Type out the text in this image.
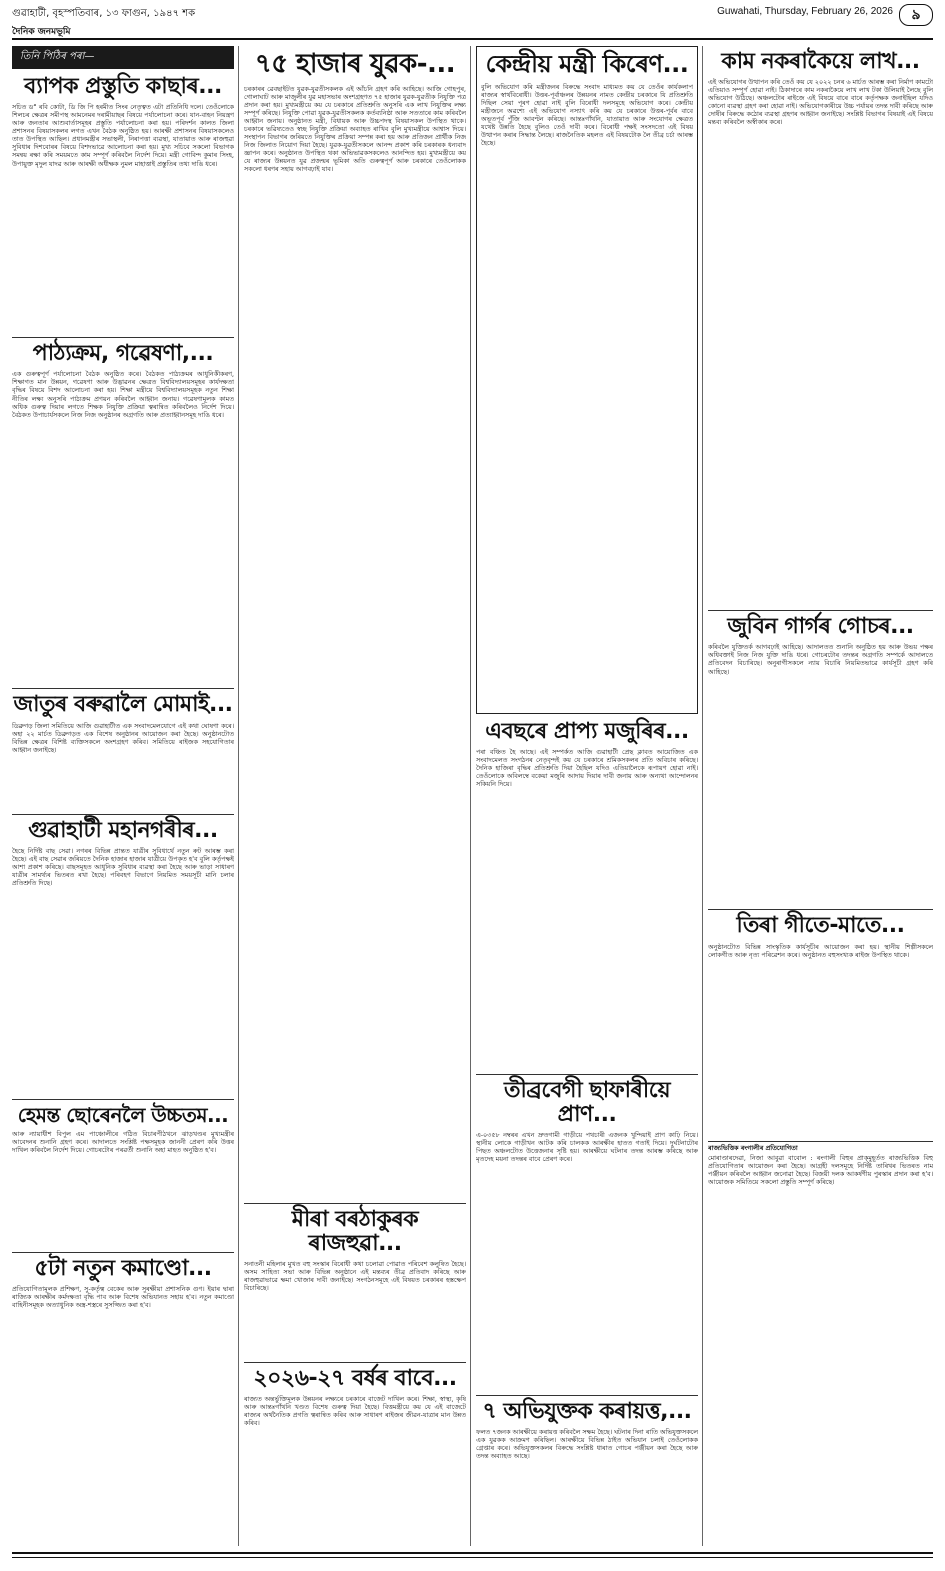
গুৱাহাটী, বৃহস্পতিবাৰ, ১৩ ফাগুন, ১৯৪৭ শক	Guwahati, Thursday, February 26, 2026	৯
দৈনিক জনমভূমি
তিনি পিঠিৰ পৰা—
ব্যাপক প্ৰস্তুতি কাছাৰ...
সচিত ড° ৰবি কোটা, ডি জি পি হৰমীত সিংৰ নেতৃত্বত এটা প্ৰতিনিধি দলে। তেওঁলোকে শিলচৰ ক্ষেত্ৰৰ সমীপস্থ আমনেমৰ দৰামীয়াছৰ বিষয়ে পৰ্যালোচনা কৰে। যান-বাহন নিয়ন্ত্ৰণ আৰু জনতাৰ আশুবাৰ্তাসমূহৰ প্ৰস্তুতি পৰ্যালোচনা কৰা হয়। পৰিদৰ্শন কালত জিলা প্ৰশাসনৰ বিষয়াসকলৰ লগত এখন বৈঠক অনুষ্ঠিত হয়। আৰক্ষী প্ৰশাসনৰ বিষয়াসকলেও তাত উপস্থিত আছিল। প্ৰধানমন্ত্ৰীৰ সভাস্থলী, নিৰাপত্তা ব্যৱস্থা, যাতায়াত আৰু ৰাজহুৱা সুবিধাৰ দিশবোৰৰ বিষয়ে বিশদভাৱে আলোচনা কৰা হয়। মুখ্য সচিবে সকলো বিভাগক সমন্বয় ৰক্ষা কৰি সময়মতে কাম সম্পূৰ্ণ কৰিবলৈ নিৰ্দেশ দিয়ে। মন্ত্ৰী গোবিন্দ কুমাৰ সিংহ, উপায়ুক্ত মৃদুল যাদৱ আৰু আৰক্ষী অধীক্ষক নুমল মাহাত্তাই প্ৰস্তুতিৰ তথ্য দাঙি ধৰে।
পাঠ্যক্ৰম, গৱেষণা,...
এক গুৰুত্বপূৰ্ণ পৰ্যালোচনা বৈঠক অনুষ্ঠিত কৰে। বৈঠকত পাঠ্যক্ৰমৰ আধুনিকীকৰণ, শিক্ষাগত মান উন্নয়ন, গৱেষণা আৰু উদ্ভাৱনৰ ক্ষেত্ৰত বিশ্ববিদ্যালয়সমূহৰ কাৰ্যদক্ষতা বৃদ্ধিৰ বিষয়ে বিশদ আলোচনা কৰা হয়। শিক্ষা মন্ত্ৰীয়ে বিশ্ববিদ্যালয়সমূহক নতুন শিক্ষা নীতিৰ লক্ষ্য অনুসৰি পাঠ্যক্ৰম প্ৰণয়ন কৰিবলৈ আহ্বান জনায়। গৱেষণামূলক কামত অধিক গুৰুত্ব দিয়াৰ লগতে শিক্ষক নিযুক্তি প্ৰক্ৰিয়া ত্বৰান্বিত কৰিবলৈও নিৰ্দেশ দিয়ে। বৈঠকত উপাচাৰ্যসকলে নিজ নিজ অনুষ্ঠানৰ অগ্ৰগতি আৰু প্ৰত্যাহ্বানসমূহ দাঙি ধৰে।
জাতুৰ বৰুৱালৈ মোমাই...
ডিব্ৰুগড় জিলা সমিতিয়ে আজি গুৱাহাটীত এক সংবাদমেলযোগে এই কথা ঘোষণা কৰে। অহা ২২ মাৰ্চত ডিব্ৰুগড়ত এক বিশেষ অনুষ্ঠানৰ আয়োজন কৰা হৈছে। অনুষ্ঠানটোত বিভিন্ন ক্ষেত্ৰৰ বিশিষ্ট ব্যক্তিসকলে অংশগ্ৰহণ কৰিব। সমিতিয়ে ৰাইজক সহযোগিতাৰ আহ্বান জনাইছে।
গুৱাহাটী মহানগৰীৰ...
হৈছে নিৰ্দিষ্ট বাছ সেৱা। নগৰৰ বিভিন্ন প্ৰান্তত যাত্ৰীৰ সুবিধাৰ্থে নতুন ৰুট আৰম্ভ কৰা হৈছে। এই বাছ সেৱাৰ জৰিয়তে দৈনিক হাজাৰ হাজাৰ যাত্ৰীয়ে উপকৃত হ'ব বুলি কৰ্তৃপক্ষই আশা প্ৰকাশ কৰিছে। বাছসমূহত আধুনিক সুবিধাৰ ব্যৱস্থা কৰা হৈছে আৰু ভাড়া সাধাৰণ যাত্ৰীৰ সামৰ্থ্যৰ ভিতৰত ৰখা হৈছে। পৰিবহণ বিভাগে নিয়মিত সময়সূচী মানি চলাৰ প্ৰতিশ্ৰুতি দিছে।
হেমন্ত ছোৰেনলৈ উচ্চতম...
আৰু ন্যায়াধীশ বিপুল এম পাঞ্চোলীৰে গঠিত বিচাৰপীঠখনে ঝাড়খণ্ডৰ মুখ্যমন্ত্ৰীৰ আবেদনৰ শুনানি গ্ৰহণ কৰে। আদালতে সংশ্লিষ্ট পক্ষসমূহক জাননী প্ৰেৰণ কৰি উত্তৰ দাখিল কৰিবলৈ নিৰ্দেশ দিয়ে। গোচৰটোৰ পৰৱৰ্তী শুনানি অহা মাহত অনুষ্ঠিত হ'ব।
৫টা নতুন কমাণ্ডো...
প্ৰতিযোগিতামূলক প্ৰশিক্ষণ, সু-কৰ্তৃত্ব বেকেৰ আৰু সুৰক্ষীয়া প্ৰশাসনিক গুণ। ইয়াৰ দ্বাৰা ৰাজ্যিক আৰক্ষীৰ কৰ্মদক্ষতা বৃদ্ধি পাব আৰু বিশেষ অভিযানত সহায় হ'ব। নতুন কমাণ্ডো বাহিনীসমূহক অত্যাধুনিক অস্ত্ৰ-শস্ত্ৰৰে সুসজ্জিত কৰা হ'ব।
৭৫ হাজাৰ যুৱক-...
চৰকাৰৰ ৱেবছাইটত যুৱক-যুৱতীসকলক এই আঁচনি গ্ৰহণ কৰি আহিছে। আজি গোহপুৰ, গোলাঘাট আৰু মাজুলীৰ যুৱ মহাসভাৰ অংশগ্ৰহণত ৭৫ হাজাৰ যুৱক-যুৱতীক নিযুক্তি পত্ৰ প্ৰদান কৰা হয়। মুখ্যমন্ত্ৰীয়ে কয় যে চৰকাৰে প্ৰতিশ্ৰুতি অনুসৰি এক লাখ নিযুক্তিৰ লক্ষ্য সম্পূৰ্ণ কৰিছে। নিযুক্তি পোৱা যুৱক-যুৱতীসকলক কৰ্তব্যনিষ্ঠা আৰু সততাৰে কাম কৰিবলৈ আহ্বান জনায়। অনুষ্ঠানত মন্ত্ৰী, বিধায়ক আৰু উচ্চপদস্থ বিষয়াসকল উপস্থিত থাকে। চৰকাৰে ভৱিষ্যতেও স্বচ্ছ নিযুক্তি প্ৰক্ৰিয়া অব্যাহত ৰাখিব বুলি মুখ্যমন্ত্ৰীয়ে আশ্বাস দিয়ে। সংস্থাপন বিভাগৰ জৰিয়তে নিযুক্তিৰ প্ৰক্ৰিয়া সম্পন্ন কৰা হয় আৰু প্ৰতিজন প্ৰাৰ্থীক নিজ নিজ জিলাত নিয়োগ দিয়া হৈছে। যুৱক-যুৱতীসকলে আনন্দ প্ৰকাশ কৰি চৰকাৰক ধন্যবাদ জ্ঞাপন কৰে। অনুষ্ঠানত উপস্থিত থকা অভিভাৱকসকলেও আনন্দিত হয়। মুখ্যমন্ত্ৰীয়ে কয় যে ৰাজ্যৰ উন্নয়নত যুৱ প্ৰজন্মৰ ভূমিকা অতি গুৰুত্বপূৰ্ণ আৰু চৰকাৰে তেওঁলোকক সকলো ধৰণৰ সহায় আগবঢ়াই যাব।
মীৰা বৰঠাকুৰক ৰাজহুৱা...
সনাতনী মহিলাৰ মুখত বহু সংস্কাৰ বিৰোধী কথা চলোৱা পোৱাত পৰিবেশ কলুষিত হৈছে। অসম সাহিত্য সভা আৰু বিভিন্ন অনুষ্ঠানে এই মন্তব্যৰ তীব্ৰ প্ৰতিবাদ কৰিছে আৰু ৰাজহুৱাভাৱে ক্ষমা খোজাৰ দাবী জনাইছে। সংগঠনসমূহে এই বিষয়ত চৰকাৰৰ হস্তক্ষেপ বিচাৰিছে।
২০২৬-২৭ বৰ্ষৰ বাবে...
ৰাজ্যত অন্তৰ্ভুক্তিমূলক উন্নয়নৰ লক্ষ্যৰে চৰকাৰে বাজেট দাখিল কৰে। শিক্ষা, স্বাস্থ্য, কৃষি আৰু আন্তঃগাঁথনি খণ্ডত বিশেষ গুৰুত্ব দিয়া হৈছে। বিত্তমন্ত্ৰীয়ে কয় যে এই বাজেটে ৰাজ্যৰ অৰ্থনৈতিক প্ৰগতি ত্বৰান্বিত কৰিব আৰু সাধাৰণ ৰাইজৰ জীৱন-যাত্ৰাৰ মান উন্নত কৰিব।
কেন্দ্ৰীয় মন্ত্ৰী কিৰেণ...
বুলি অভিযোগ কৰি মন্ত্ৰীজনৰ বিৰুদ্ধে সংবাদ মাধ্যমত কয় যে তেওঁৰ কাৰ্যকলাপ ৰাজ্যৰ স্বাৰ্থবিৰোধী। উত্তৰ-পূৰ্বাঞ্চলৰ উন্নয়নৰ নামত কেন্দ্ৰীয় চৰকাৰে যি প্ৰতিশ্ৰুতি দিছিল সেয়া পূৰণ হোৱা নাই বুলি বিৰোধী দলসমূহে অভিযোগ কৰে। কেন্দ্ৰীয় মন্ত্ৰীজনে অৱশ্যে এই অভিযোগ নস্যাৎ কৰি কয় যে চৰকাৰে উত্তৰ-পূৰ্বৰ বাবে অভূতপূৰ্ব পুঁজি আবণ্টন কৰিছে। আন্তঃগাঁথনি, যাতায়াত আৰু সংযোগৰ ক্ষেত্ৰত যথেষ্ট উন্নতি হৈছে বুলিও তেওঁ দাবী কৰে। বিৰোধী পক্ষই সংসদতো এই বিষয় উত্থাপন কৰাৰ সিদ্ধান্ত লৈছে। ৰাজনৈতিক মহলত এই বিষয়টোক লৈ তীব্ৰ চৰ্চা আৰম্ভ হৈছে।
এবছৰে প্ৰাপ্য মজুৰিৰ...
পৰা বঞ্চিত হৈ আছে। এই সম্পৰ্কত আজি গুৱাহাটী প্ৰেছ ক্লাবত আয়োজিত এক সংবাদমেলত সংগঠনৰ নেতৃবৃন্দই কয় যে চৰকাৰে শ্ৰমিকসকলৰ প্ৰতি অবিচাৰ কৰিছে। দৈনিক হাজিৰা বৃদ্ধিৰ প্ৰতিশ্ৰুতি দিয়া হৈছিল যদিও এতিয়ালৈকে ৰূপায়ণ হোৱা নাই। তেওঁলোকে অবিলম্বে বকেয়া মজুৰি আদায় দিয়াৰ দাবী জনায় আৰু অন্যথা আন্দোলনৰ সকিয়নি দিয়ে।
তীব্ৰবেগী ছাফাৰীয়ে প্ৰাণ...
এ-০৩৫৮ নম্বৰৰ এখন দ্ৰুতগামী গাড়ীয়ে পথচাৰী এজনক খুন্দিয়াই প্ৰাণ কাঢ়ি নিয়ে। স্থানীয় লোকে গাড়ীখন আটক কৰি চালকক আৰক্ষীৰ হাতত গতাই দিয়ে। দুৰ্ঘটনাটোৰ পিছত অঞ্চলটোত উত্তেজনাৰ সৃষ্টি হয়। আৰক্ষীয়ে ঘটনাৰ তদন্ত আৰম্ভ কৰিছে আৰু মৃতদেহ ময়না তদন্তৰ বাবে প্ৰেৰণ কৰে।
৭ অভিযুক্তক কৰায়ত্ত,...
ফলত ৭জনক আৰক্ষীয়ে কৰায়ত্ত কৰিবলৈ সক্ষম হৈছে। ঘটনাৰ দিনা ৰাতি অভিযুক্তসকলে এক যুৱকক আক্ৰমণ কৰিছিল। আৰক্ষীয়ে বিভিন্ন ঠাইত অভিযান চলাই তেওঁলোকক গ্ৰেপ্তাৰ কৰে। অভিযুক্তসকলৰ বিৰুদ্ধে সংশ্লিষ্ট ধাৰাত গোচৰ পঞ্জীয়ন কৰা হৈছে আৰু তদন্ত অব্যাহত আছে।
কাম নকৰাকৈয়ে লাখ...
এই অভিযোগৰ উত্থাপন কৰি তেওঁ কয় যে ২০২২ চনৰ ৬ মাৰ্চত আৰম্ভ কৰা নিৰ্মাণ কামটো এতিয়াও সম্পূৰ্ণ হোৱা নাই। ঠিকাদাৰে কাম নকৰাকৈয়ে লাখ লাখ টকা উলিয়াই লৈছে বুলি অভিযোগ উঠিছে। অঞ্চলটোৰ ৰাইজে এই বিষয়ে বাৰে বাৰে কৰ্তৃপক্ষক জনাইছিল যদিও কোনো ব্যৱস্থা গ্ৰহণ কৰা হোৱা নাই। অভিযোগকাৰীয়ে উচ্চ পৰ্যায়ৰ তদন্ত দাবী কৰিছে আৰু দোষীৰ বিৰুদ্ধে কঠোৰ ব্যৱস্থা গ্ৰহণৰ আহ্বান জনাইছে। সংশ্লিষ্ট বিভাগৰ বিষয়াই এই বিষয়ে মন্তব্য কৰিবলৈ অস্বীকাৰ কৰে।
জুবিন গাৰ্গৰ গোচৰ...
কৰিবলৈ যুক্তিতৰ্ক আগবঢ়াই আহিছে। আদালতত শুনানি অনুষ্ঠিত হয় আৰু উভয় পক্ষৰ অধিবক্তাই নিজ নিজ যুক্তি দাঙি ধৰে। গোচৰটোৰ তদন্তৰ অগ্ৰগতি সম্পৰ্কে আদালতে প্ৰতিবেদন বিচাৰিছে। অনুৰাগীসকলে ন্যায় বিচাৰি নিয়মিতভাৱে কাৰ্যসূচী গ্ৰহণ কৰি আহিছে।
তিৰা গীতে-মাতে...
অনুষ্ঠানটোত বিভিন্ন সাংস্কৃতিক কাৰ্যসূচীৰ আয়োজন কৰা হয়। স্থানীয় শিল্পীসকলে লোকগীত আৰু নৃত্য পৰিৱেশন কৰে। অনুষ্ঠানত বহুসংখ্যক ৰাইজ উপস্থিত থাকে।
ৰাজ্যভিত্তিক ৰংগালীৰ প্ৰতিযোগিতা
মোৰাণ্ডাৰদেৱা, নিজা আবুৱা বাবোল : ৰংগালী বিহুৰ প্ৰাক্‌মুহূৰ্তত ৰাজ্যভিত্তিক বিহু প্ৰতিযোগিতাৰ আয়োজন কৰা হৈছে। আগ্ৰহী দলসমূহে নিৰ্দিষ্ট তাৰিখৰ ভিতৰত নাম পঞ্জীয়ন কৰিবলৈ আহ্বান জনোৱা হৈছে। বিজয়ী দলক আকৰ্ষণীয় পুৰস্কাৰ প্ৰদান কৰা হ'ব। আয়োজক সমিতিয়ে সকলো প্ৰস্তুতি সম্পূৰ্ণ কৰিছে।
